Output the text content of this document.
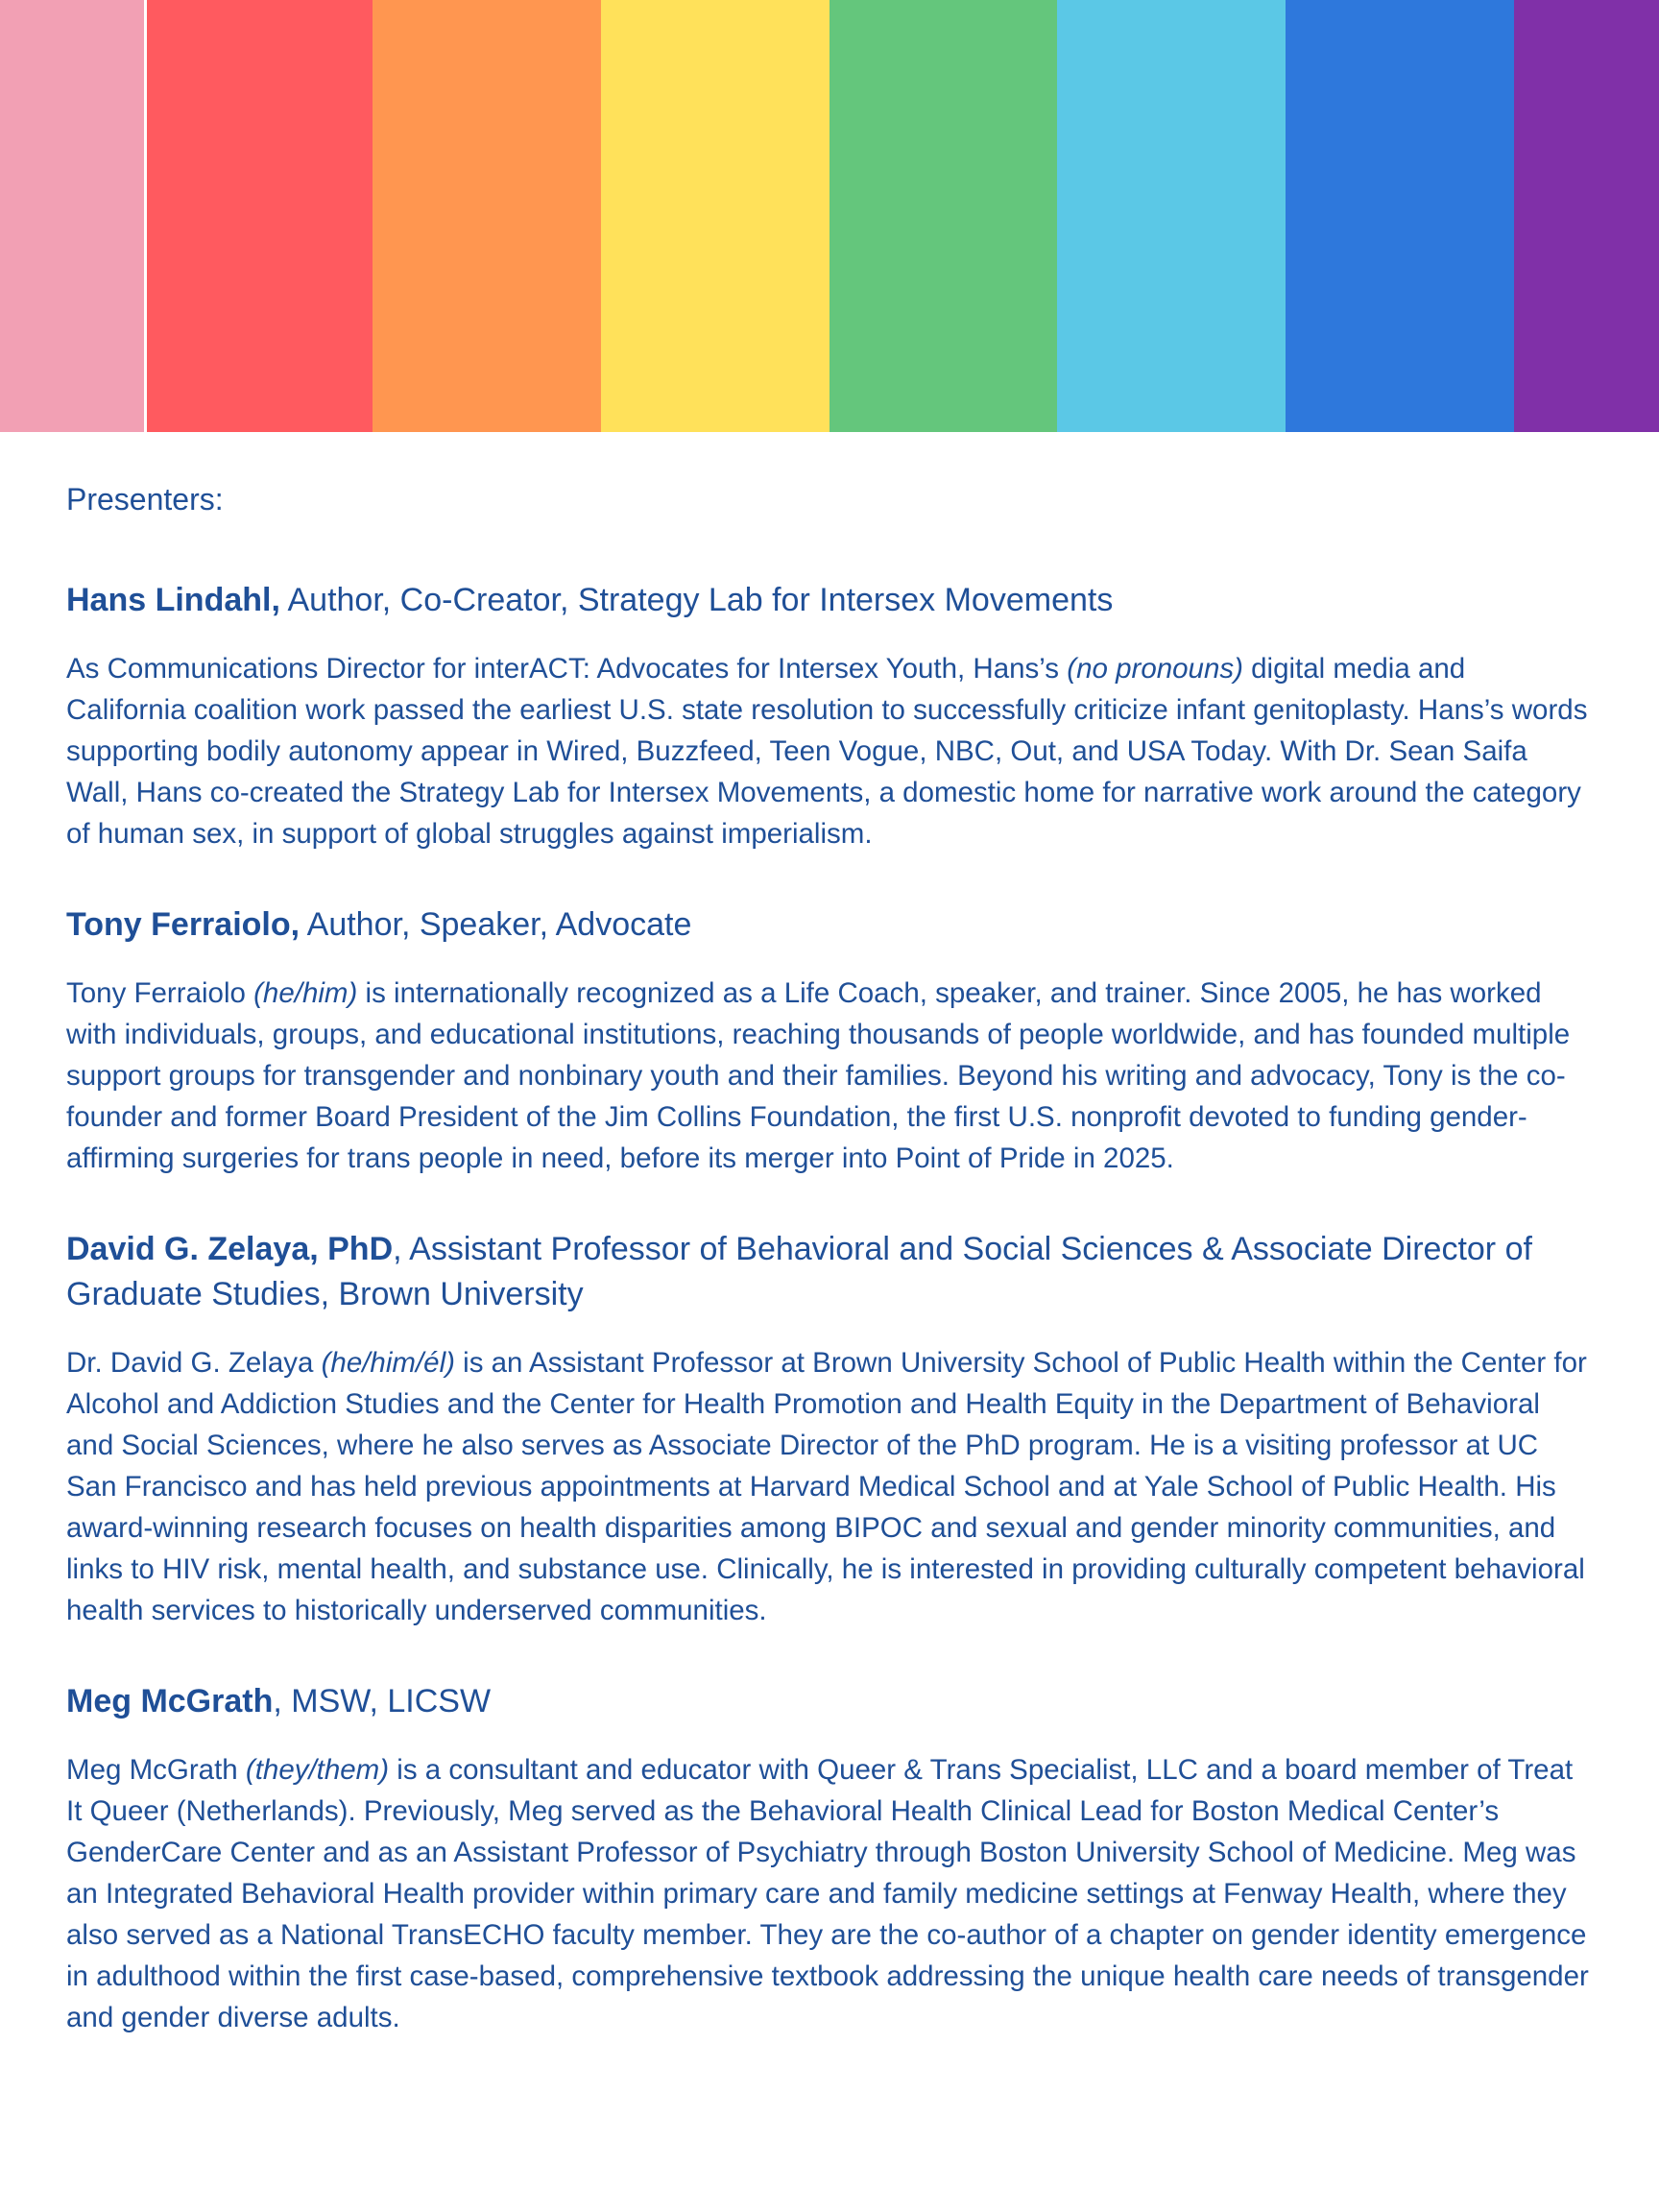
Presenters:
Hans Lindahl, Author, Co-Creator, Strategy Lab for Intersex Movements

As Communications Director for interACT: Advocates for Intersex Youth, Hans’s (no pronouns) digital media and California coalition work passed the earliest U.S. state resolution to successfully criticize infant genitoplasty. Hans’s words supporting bodily autonomy appear in Wired, Buzzfeed, Teen Vogue, NBC, Out, and USA Today. With Dr. Sean Saifa Wall, Hans co-created the Strategy Lab for Intersex Movements, a domestic home for narrative work around the category of human sex, in support of global struggles against imperialism.

Tony Ferraiolo, Author, Speaker, Advocate

Tony Ferraiolo (he/him) is internationally recognized as a Life Coach, speaker, and trainer. Since 2005, he has worked with individuals, groups, and educational institutions, reaching thousands of people worldwide, and has founded multiple support groups for transgender and nonbinary youth and their families. Beyond his writing and advocacy, Tony is the co-founder and former Board President of the Jim Collins Foundation, the first U.S. nonprofit devoted to funding gender-affirming surgeries for trans people in need, before its merger into Point of Pride in 2025.

David G. Zelaya, PhD, Assistant Professor of Behavioral and Social Sciences & Associate Director of Graduate Studies, Brown University

Dr. David G. Zelaya (he/him/él) is an Assistant Professor at Brown University School of Public Health within the Center for Alcohol and Addiction Studies and the Center for Health Promotion and Health Equity in the Department of Behavioral and Social Sciences, where he also serves as Associate Director of the PhD program. He is a visiting professor at UC San Francisco and has held previous appointments at Harvard Medical School and at Yale School of Public Health. His award-winning research focuses on health disparities among BIPOC and sexual and gender minority communities, and links to HIV risk, mental health, and substance use. Clinically, he is interested in providing culturally competent behavioral health services to historically underserved communities.

Meg McGrath, MSW, LICSW

Meg McGrath (they/them) is a consultant and educator with Queer & Trans Specialist, LLC and a board member of Treat It Queer (Netherlands). Previously, Meg served as the Behavioral Health Clinical Lead for Boston Medical Center’s GenderCare Center and as an Assistant Professor of Psychiatry through Boston University School of Medicine. Meg was an Integrated Behavioral Health provider within primary care and family medicine settings at Fenway Health, where they also served as a National TransECHO faculty member. They are the co-author of a chapter on gender identity emergence in adulthood within the first case-based, comprehensive textbook addressing the unique health care needs of transgender and gender diverse adults.
